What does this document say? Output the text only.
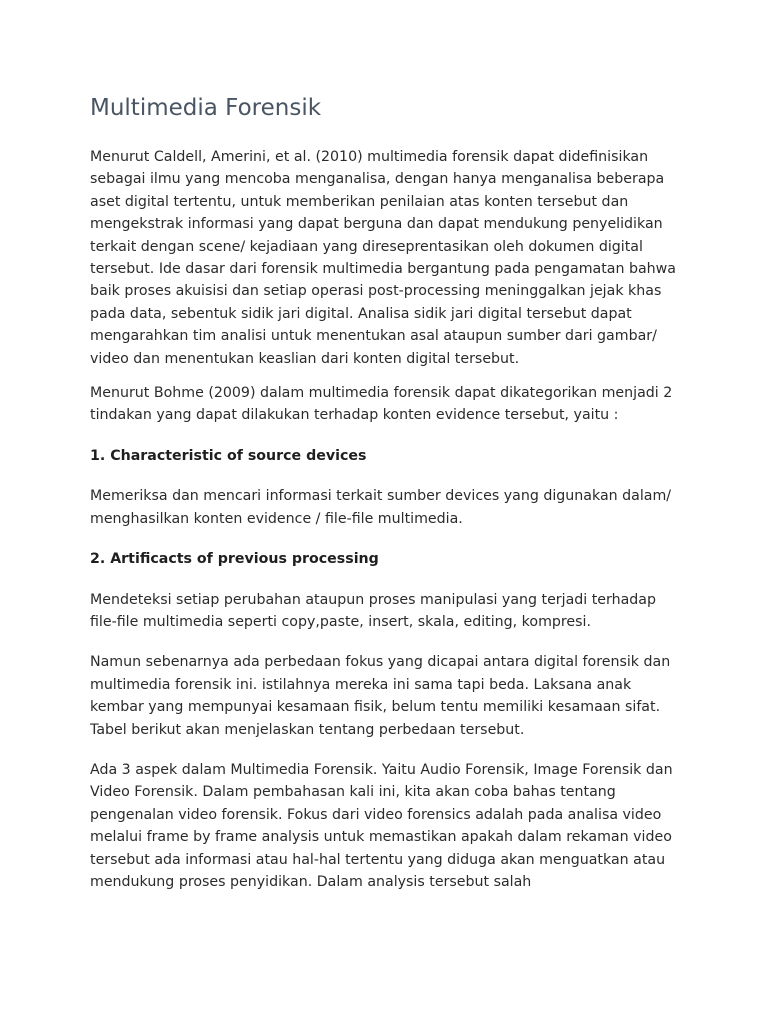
Multimedia Forensik

Menurut Caldell, Amerini, et al. (2010) multimedia forensik dapat didefinisikan sebagai ilmu yang mencoba menganalisa, dengan hanya menganalisa beberapa aset digital tertentu, untuk memberikan penilaian atas konten tersebut dan mengekstrak informasi yang dapat berguna dan dapat mendukung penyelidikan terkait dengan scene/ kejadiaan yang direseprentasikan oleh dokumen digital tersebut. Ide dasar dari forensik multimedia bergantung pada pengamatan bahwa baik proses akuisisi dan setiap operasi post-processing meninggalkan jejak khas pada data, sebentuk sidik jari digital. Analisa sidik jari digital tersebut dapat mengarahkan tim analisi untuk menentukan asal ataupun sumber dari gambar/ video dan menentukan keaslian dari konten digital tersebut.

Menurut Bohme (2009) dalam multimedia forensik dapat dikategorikan menjadi 2 tindakan yang dapat dilakukan terhadap konten evidence tersebut, yaitu :

1. Characteristic of source devices

Memeriksa dan mencari informasi terkait sumber devices yang digunakan dalam/ menghasilkan konten evidence / file-file multimedia.

2. Artificacts of previous processing

Mendeteksi setiap perubahan ataupun proses manipulasi yang terjadi terhadap file-file multimedia seperti copy,paste, insert, skala, editing, kompresi.

Namun sebenarnya ada perbedaan fokus yang dicapai antara digital forensik dan multimedia forensik ini. istilahnya mereka ini sama tapi beda. Laksana anak kembar yang mempunyai kesamaan fisik, belum tentu memiliki kesamaan sifat. Tabel berikut akan menjelaskan tentang perbedaan tersebut.

Ada 3 aspek dalam Multimedia Forensik. Yaitu Audio Forensik, Image Forensik dan Video Forensik. Dalam pembahasan kali ini, kita akan coba bahas tentang pengenalan video forensik. Fokus dari video forensics adalah pada analisa video melalui frame by frame analysis untuk memastikan apakah dalam rekaman video tersebut ada informasi atau hal-hal tertentu yang diduga akan menguatkan atau mendukung proses penyidikan. Dalam analysis tersebut salah
